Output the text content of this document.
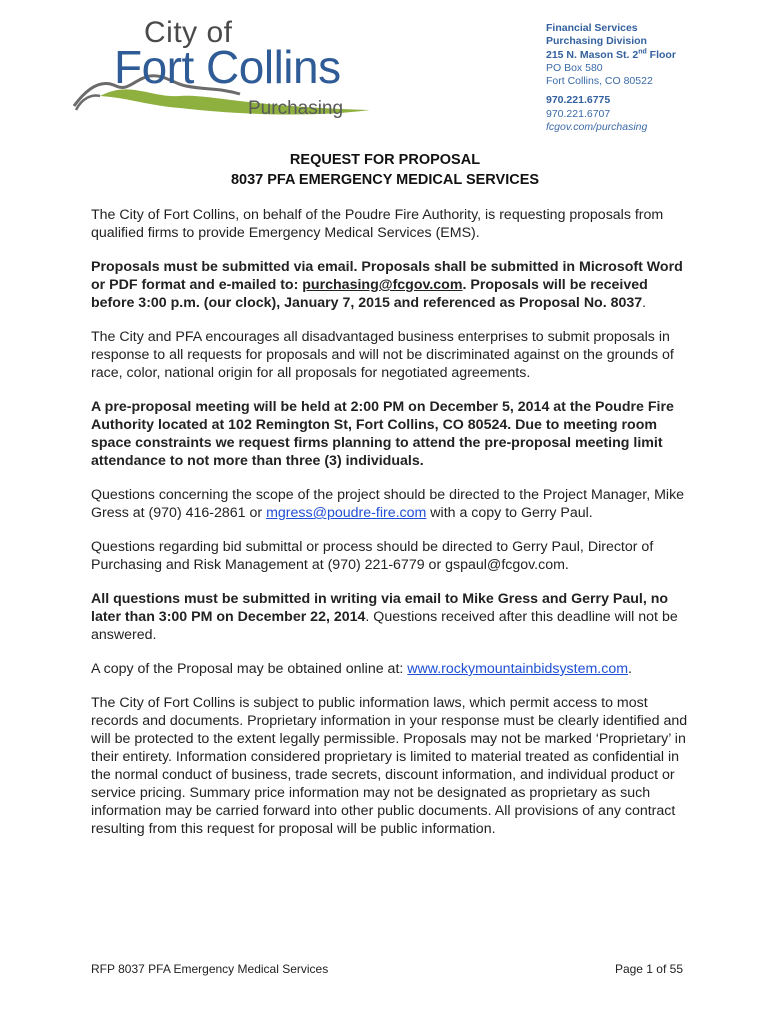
City of
Fort Collins
Purchasing
Financial Services
Purchasing Division
215 N. Mason St. 2nd Floor
PO Box 580
Fort Collins, CO 80522
970.221.6775
970.221.6707
fcgov.com/purchasing
REQUEST FOR PROPOSAL
8037 PFA EMERGENCY MEDICAL SERVICES

The City of Fort Collins, on behalf of the Poudre Fire Authority, is requesting proposals from qualified firms to provide Emergency Medical Services (EMS).

Proposals must be submitted via email. Proposals shall be submitted in Microsoft Word or PDF format and e-mailed to: purchasing@fcgov.com. Proposals will be received before 3:00 p.m. (our clock), January 7, 2015 and referenced as Proposal No. 8037.

The City and PFA encourages all disadvantaged business enterprises to submit proposals in response to all requests for proposals and will not be discriminated against on the grounds of race, color, national origin for all proposals for negotiated agreements.

A pre-proposal meeting will be held at 2:00 PM on December 5, 2014 at the Poudre Fire Authority located at 102 Remington St, Fort Collins, CO 80524. Due to meeting room space constraints we request firms planning to attend the pre-proposal meeting limit attendance to not more than three (3) individuals.

Questions concerning the scope of the project should be directed to the Project Manager, Mike Gress at (970) 416-2861 or mgress@poudre-fire.com with a copy to Gerry Paul.

Questions regarding bid submittal or process should be directed to Gerry Paul, Director of Purchasing and Risk Management at (970) 221-6779 or gspaul@fcgov.com.

All questions must be submitted in writing via email to Mike Gress and Gerry Paul, no later than 3:00 PM on December 22, 2014. Questions received after this deadline will not be answered.

A copy of the Proposal may be obtained online at: www.rockymountainbidsystem.com.

The City of Fort Collins is subject to public information laws, which permit access to most records and documents. Proprietary information in your response must be clearly identified and will be protected to the extent legally permissible. Proposals may not be marked ‘Proprietary’ in their entirety. Information considered proprietary is limited to material treated as confidential in the normal conduct of business, trade secrets, discount information, and individual product or service pricing. Summary price information may not be designated as proprietary as such information may be carried forward into other public documents. All provisions of any contract resulting from this request for proposal will be public information.

RFP 8037 PFA Emergency Medical Services	Page 1 of 55
